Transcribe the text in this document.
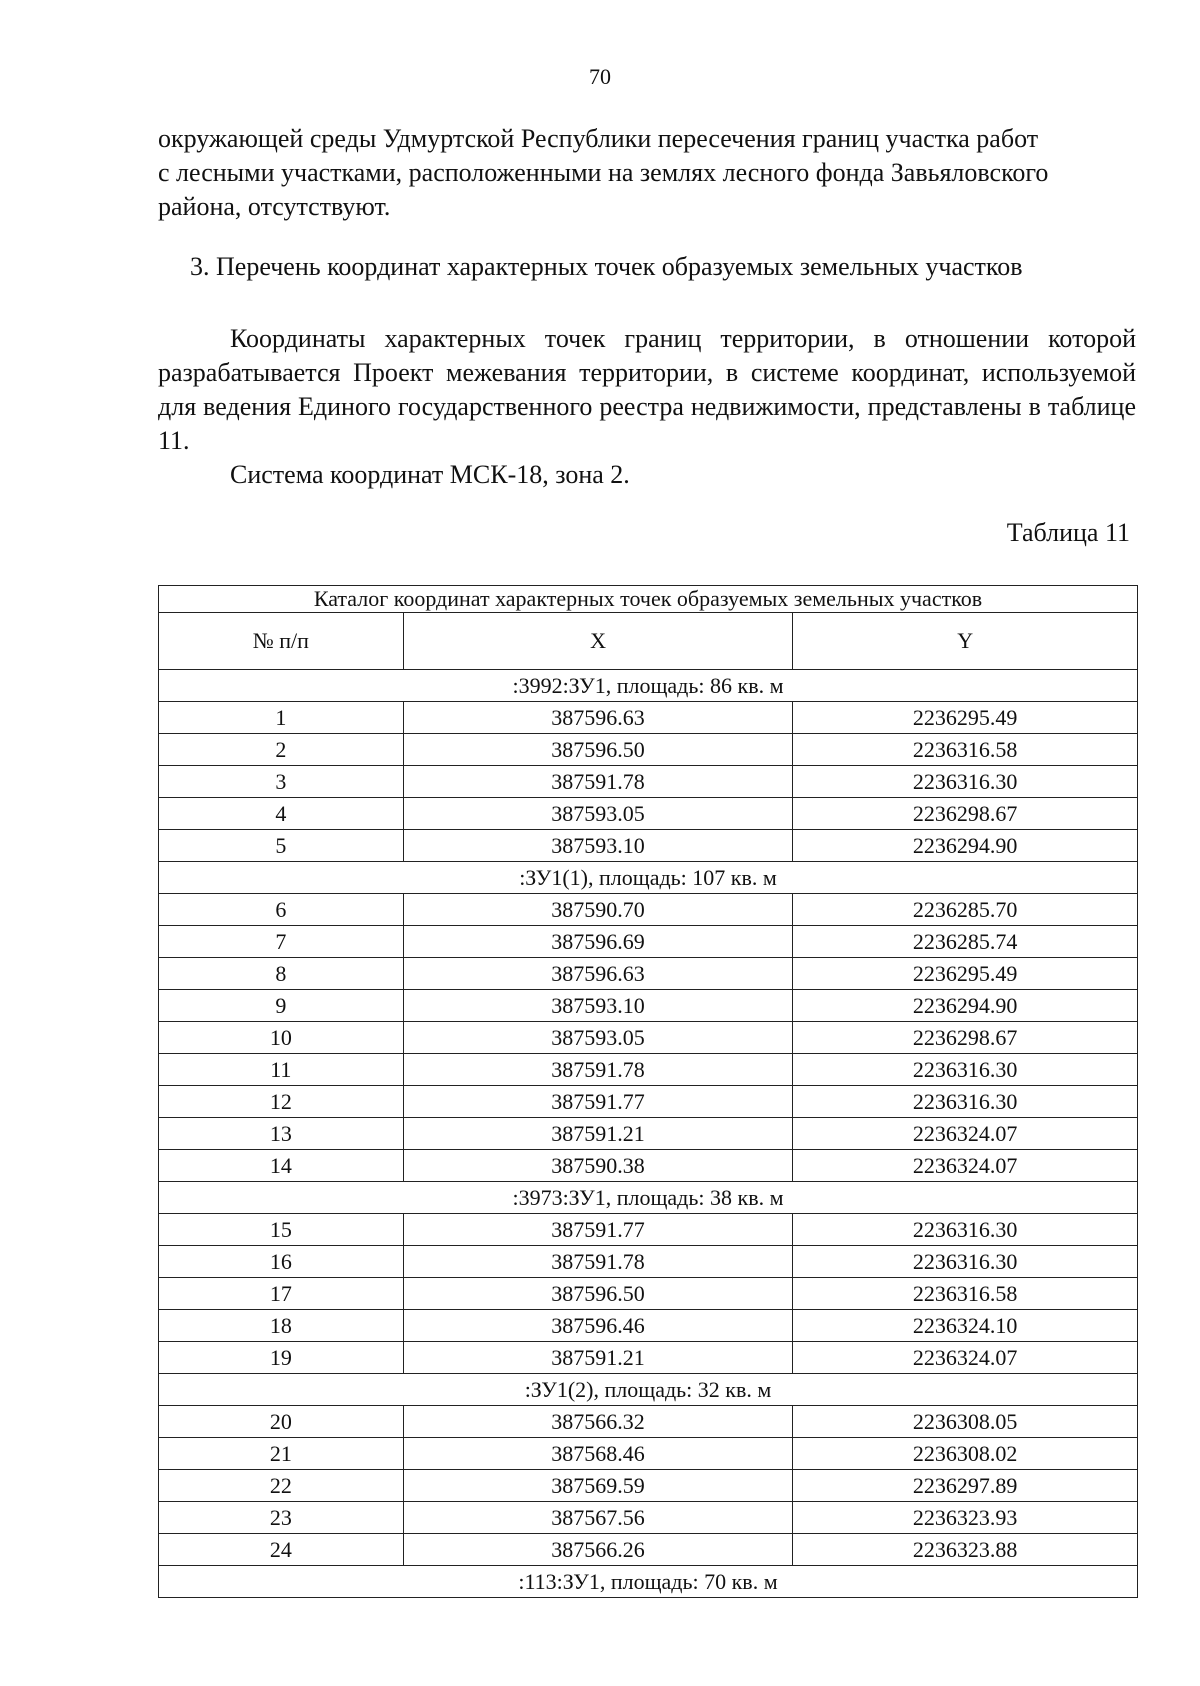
70

окружающей среды Удмуртской Республики пересечения границ участка работ

с лесными участками, расположенными на землях лесного фонда Завьяловского

района, отсутствуют.

3. Перечень координат характерных точек образуемых земельных участков

Координаты характерных точек границ территории, в отношении которой разрабатывается Проект межевания территории, в системе координат, используемой для ведения Единого государственного реестра недвижимости, представлены в таблице 11.

Система координат МСК-18, зона 2.

Таблица 11
Каталог координат характерных точек образуемых земельных участков		
№ п/п	X	Y
:3992:ЗУ1, площадь: 86 кв. м		
1	387596.63	2236295.49
2	387596.50	2236316.58
3	387591.78	2236316.30
4	387593.05	2236298.67
5	387593.10	2236294.90
:ЗУ1(1), площадь: 107 кв. м		
6	387590.70	2236285.70
7	387596.69	2236285.74
8	387596.63	2236295.49
9	387593.10	2236294.90
10	387593.05	2236298.67
11	387591.78	2236316.30
12	387591.77	2236316.30
13	387591.21	2236324.07
14	387590.38	2236324.07
:3973:ЗУ1, площадь: 38 кв. м		
15	387591.77	2236316.30
16	387591.78	2236316.30
17	387596.50	2236316.58
18	387596.46	2236324.10
19	387591.21	2236324.07
:ЗУ1(2), площадь: 32 кв. м		
20	387566.32	2236308.05
21	387568.46	2236308.02
22	387569.59	2236297.89
23	387567.56	2236323.93
24	387566.26	2236323.88
:113:ЗУ1, площадь: 70 кв. м		
